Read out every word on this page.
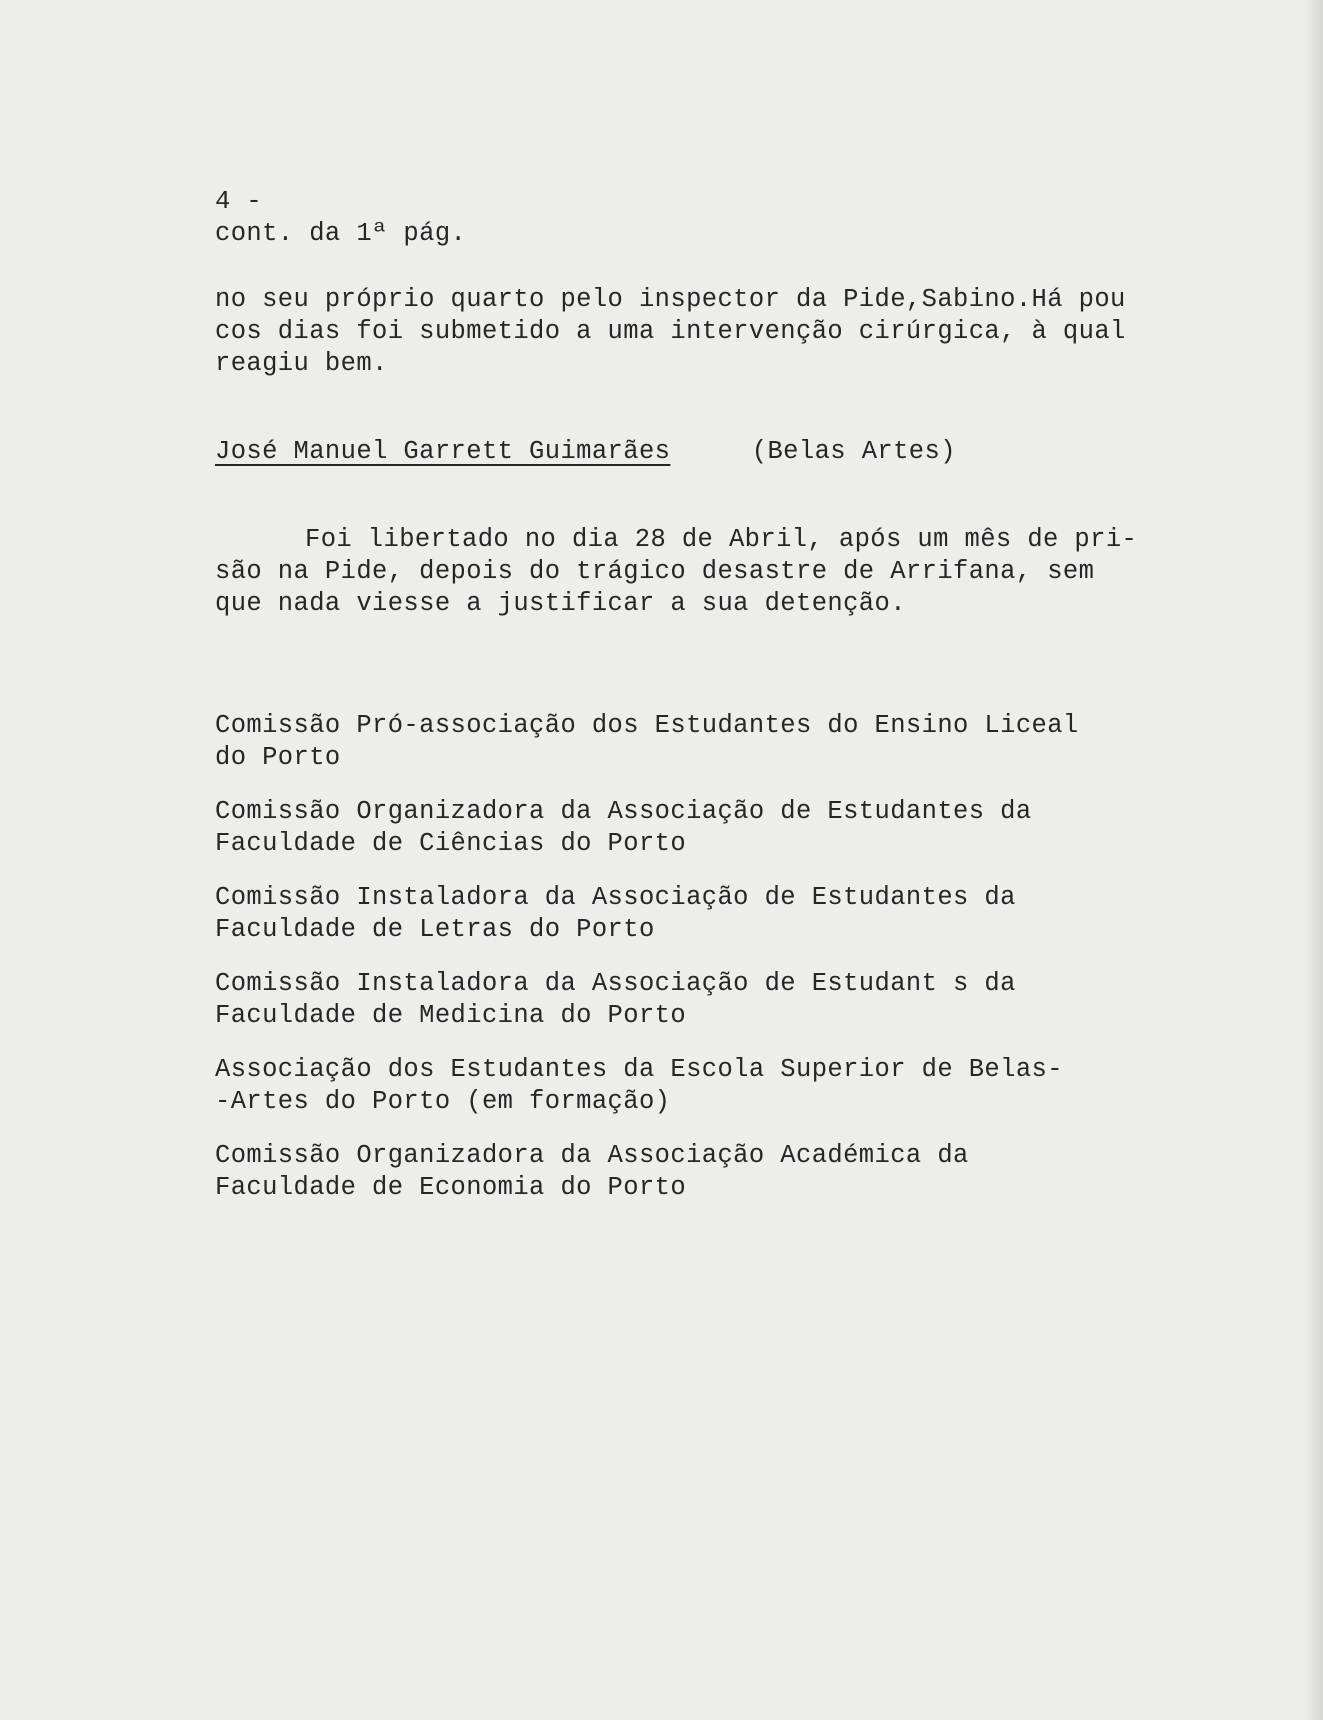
4 -
cont. da 1ª pág.
no seu próprio quarto pelo inspector da Pide,Sabino.Há pou
cos dias foi submetido a uma intervenção cirúrgica, à qual
reagiu bem.
José Manuel Garrett Guimarães	(Belas Artes)
Foi libertado no dia 28 de Abril, após um mês de pri-
são na Pide, depois do trágico desastre de Arrifana, sem
que nada viesse a justificar a sua detenção.
Comissão Pró-associação dos Estudantes do Ensino Liceal
do Porto
Comissão Organizadora da Associação de Estudantes da
Faculdade de Ciências do Porto
Comissão Instaladora da Associação de Estudantes da
Faculdade de Letras do Porto
Comissão Instaladora da Associação de Estudant s da
Faculdade de Medicina do Porto
Associação dos Estudantes da Escola Superior de Belas-
-Artes do Porto (em formação)
Comissão Organizadora da Associação Académica da
Faculdade de Economia do Porto
